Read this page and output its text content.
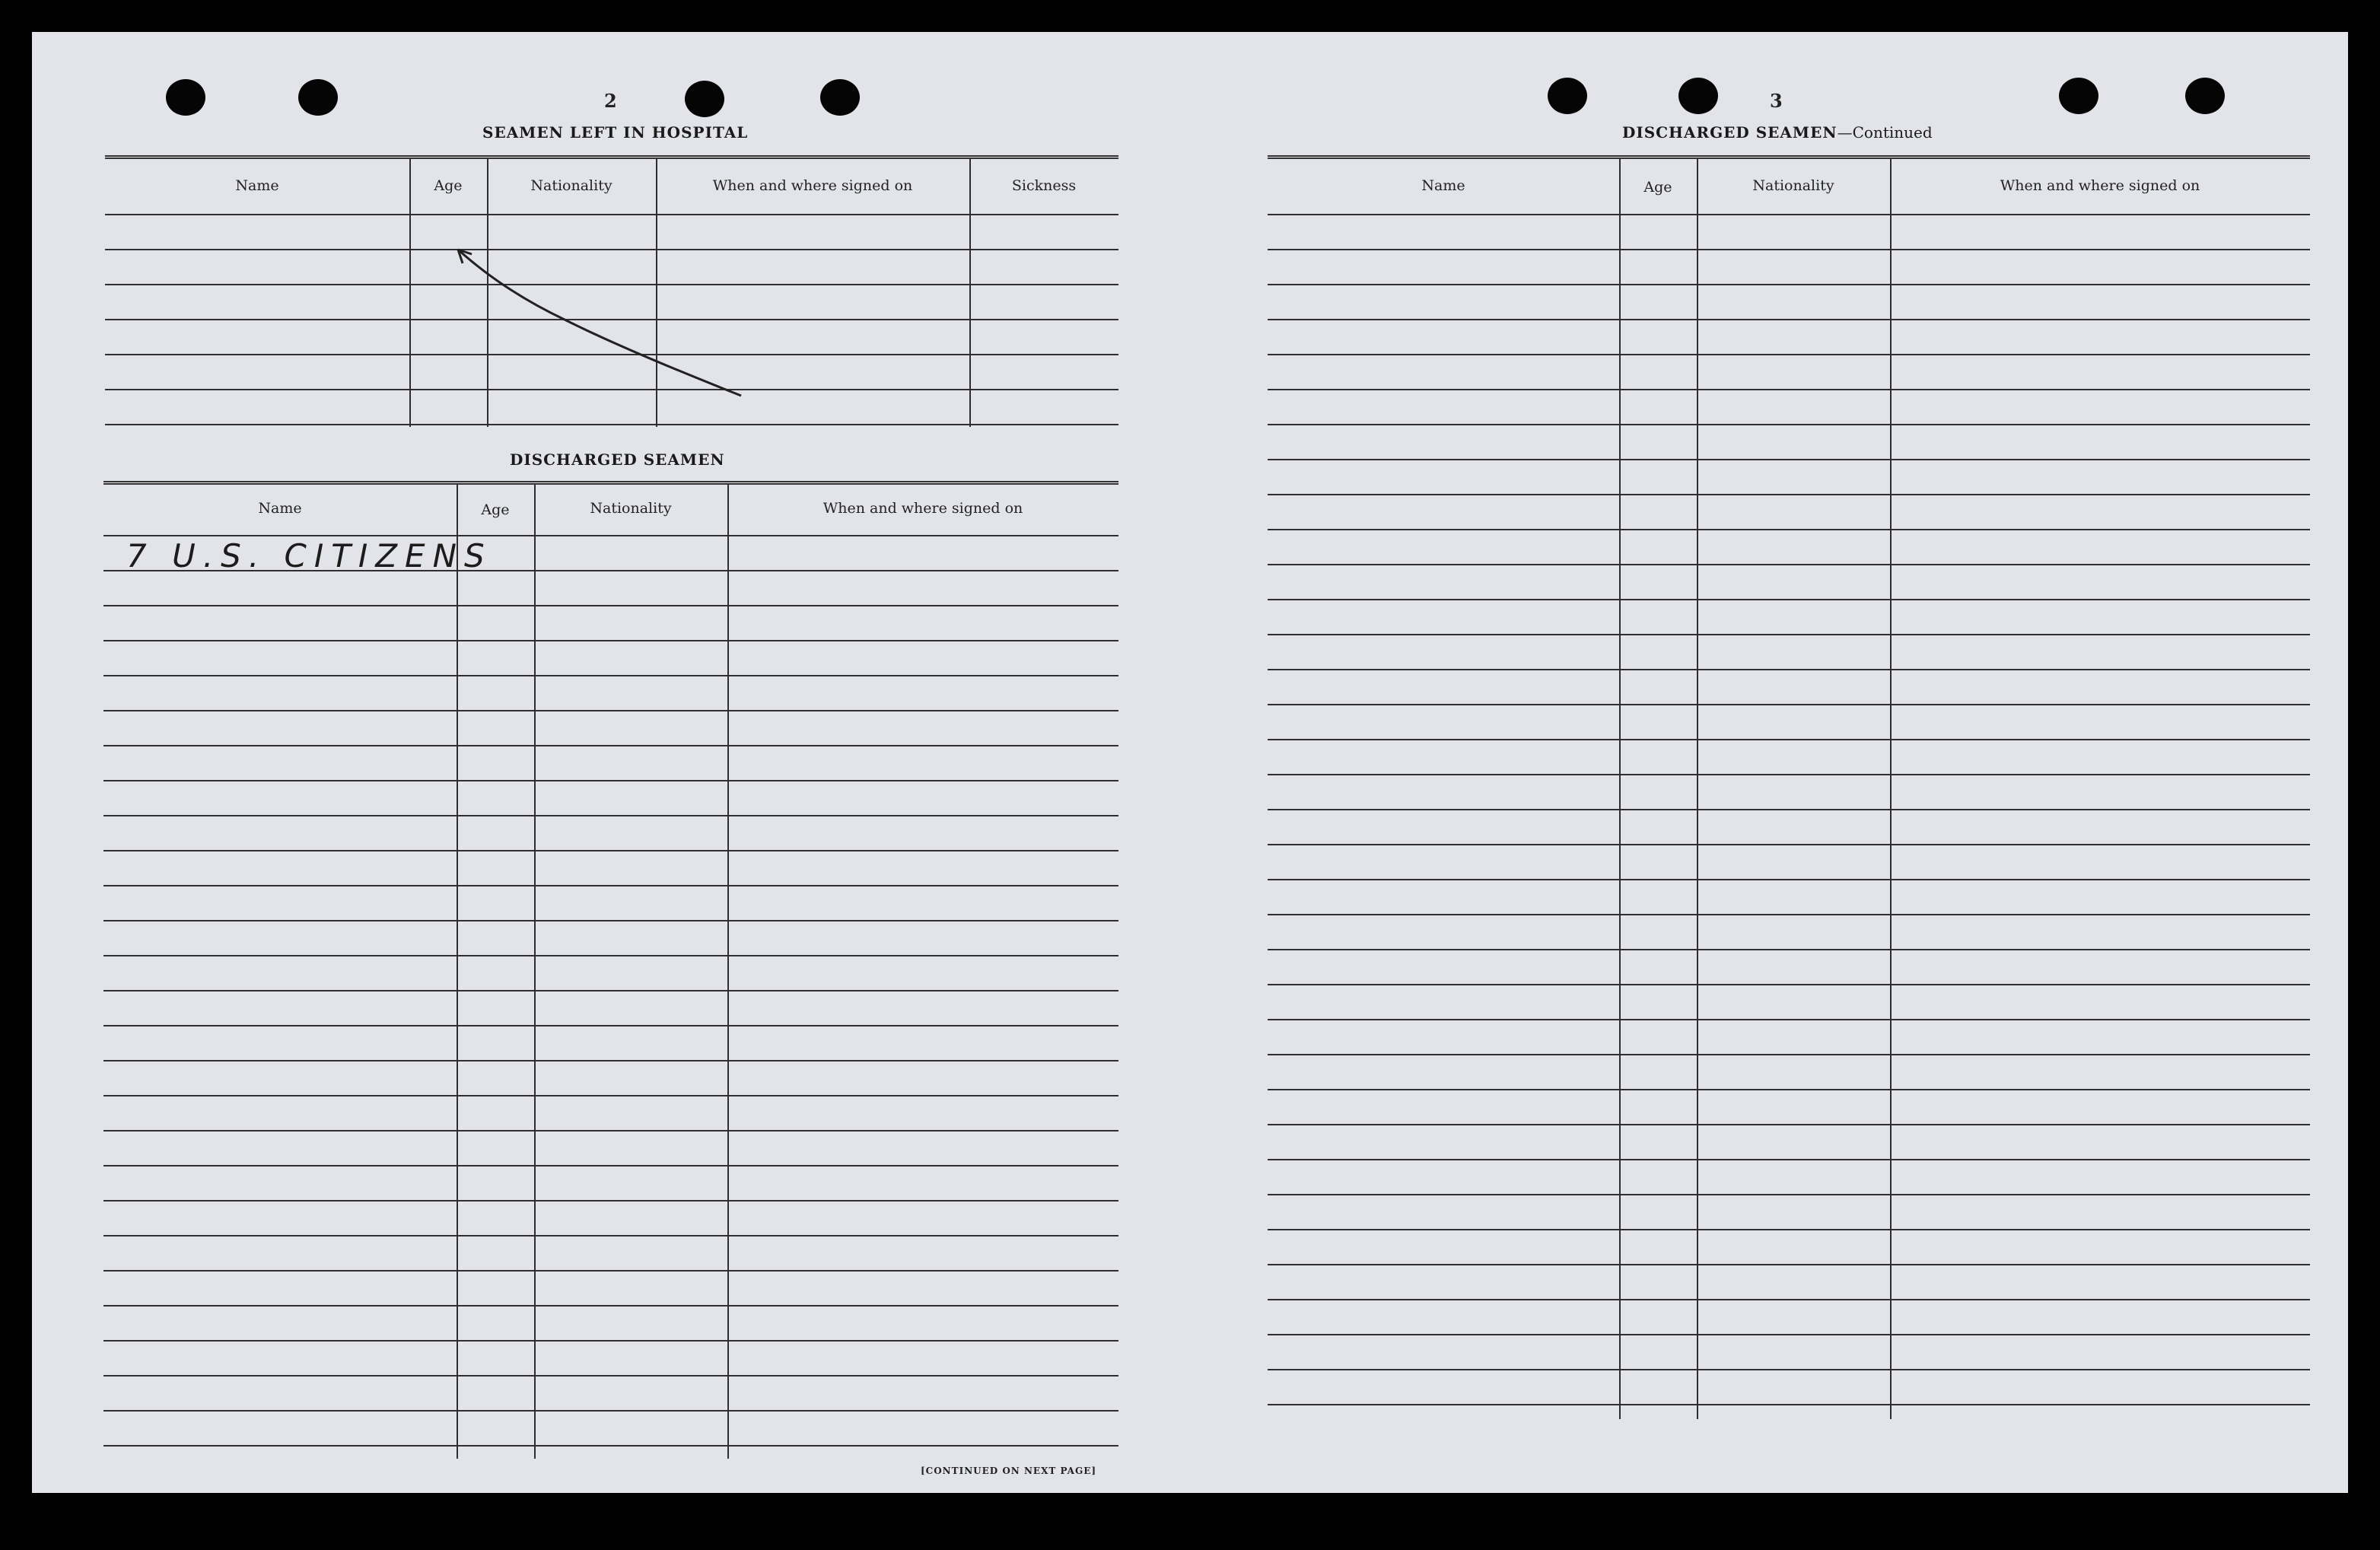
2
SEAMEN LEFT IN HOSPITAL
Name	Age	Nationality	When and where signed on	Sickness
DISCHARGED SEAMEN
Name	Age	Nationality	When and where signed on
7 U.S. CITIZENS
[CONTINUED ON NEXT PAGE]
3
DISCHARGED SEAMEN—Continued
Name	Age	Nationality	When and where signed on
